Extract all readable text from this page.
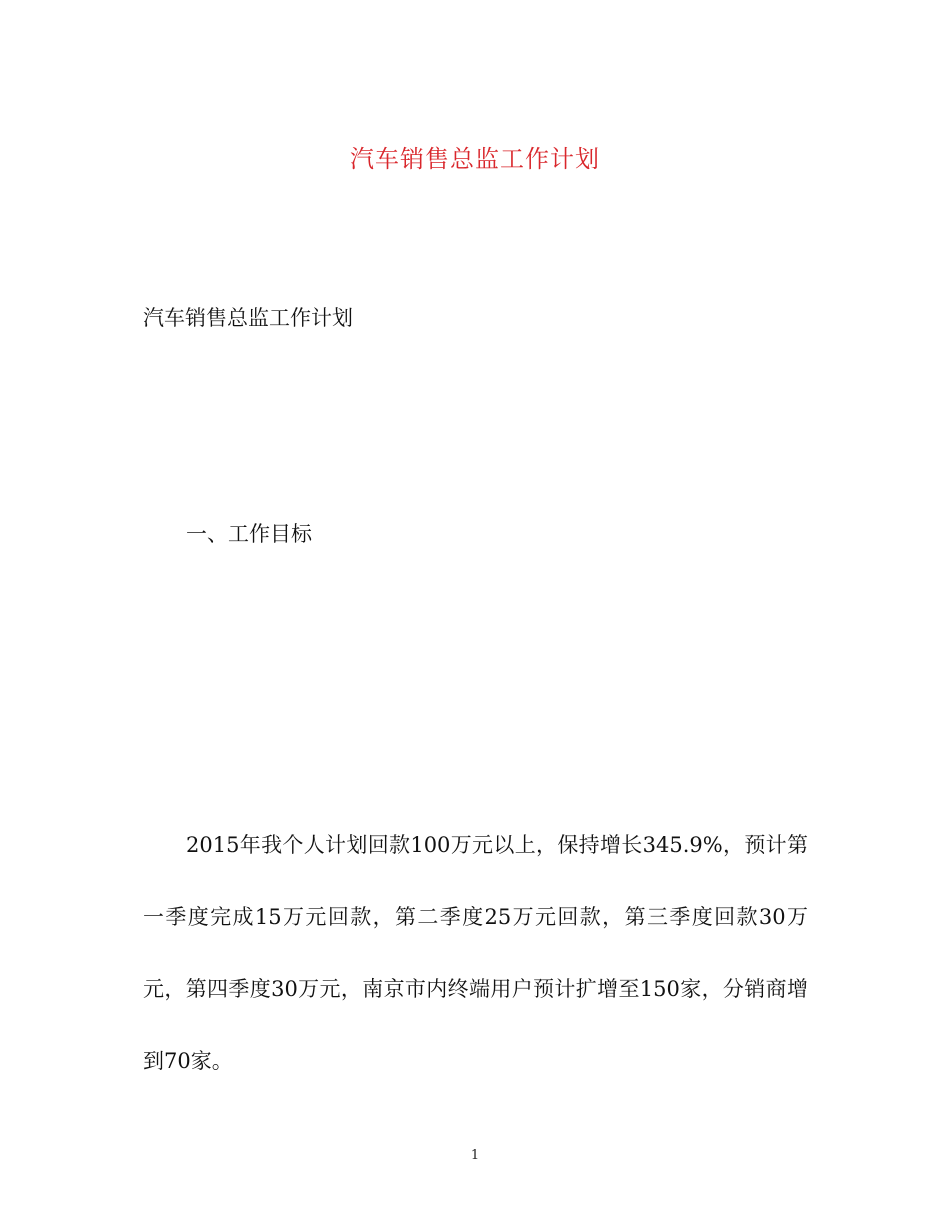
汽车销售总监工作计划
汽车销售总监工作计划
一、工作目标
2015年我个人计划回款100万元以上，保持增长345.9%，预计第一季度完成15万元回款，第二季度25万元回款，第三季度回款30万元，第四季度30万元，南京市内终端用户预计扩增至150家，分销商增到70家。
1
